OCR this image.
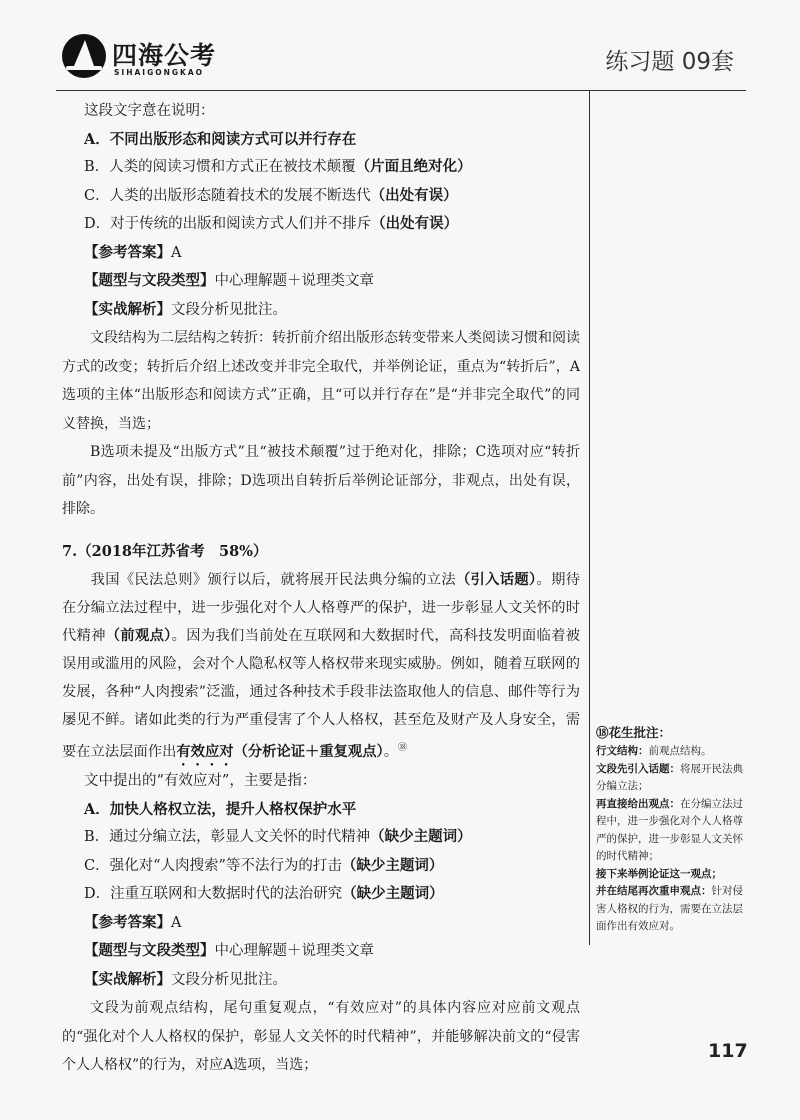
四海公考
SIHAIGONGKAO	练习题 09套
这段文字意在说明：
A．不同出版形态和阅读方式可以并行存在
B．人类的阅读习惯和方式正在被技术颠覆（片面且绝对化）
C．人类的出版形态随着技术的发展不断迭代（出处有误）
D．对于传统的出版和阅读方式人们并不排斥（出处有误）
【参考答案】A
【题型与文段类型】中心理解题＋说理类文章
【实战解析】文段分析见批注。
文段结构为二层结构之转折：转折前介绍出版形态转变带来人类阅读习惯和阅读方式的改变；转折后介绍上述改变并非完全取代，并举例论证，重点为“转折后”，A选项的主体“出版形态和阅读方式”正确，且“可以并行存在”是“并非完全取代”的同义替换，当选；
B选项未提及“出版方式”且“被技术颠覆”过于绝对化，排除；C选项对应“转折前”内容，出处有误，排除；D选项出自转折后举例论证部分，非观点，出处有误，排除。
7.（2018年江苏省考　58%）
我国《民法总则》颁行以后，就将展开民法典分编的立法（引入话题）。期待在分编立法过程中，进一步强化对个人人格尊严的保护，进一步彰显人文关怀的时代精神（前观点）。因为我们当前处在互联网和大数据时代，高科技发明面临着被误用或滥用的风险，会对个人隐私权等人格权带来现实威胁。例如，随着互联网的发展，各种“人肉搜索”泛滥，通过各种技术手段非法盗取他人的信息、邮件等行为屡见不鲜。诸如此类的行为严重侵害了个人人格权，甚至危及财产及人身安全，需要在立法层面作出有效应对（分析论证＋重复观点）。⑱
文中提出的“有效应对”，主要是指：
A．加快人格权立法，提升人格权保护水平
B．通过分编立法，彰显人文关怀的时代精神（缺少主题词）
C．强化对“人肉搜索”等不法行为的打击（缺少主题词）
D．注重互联网和大数据时代的法治研究（缺少主题词）
【参考答案】A
【题型与文段类型】中心理解题＋说理类文章
【实战解析】文段分析见批注。
文段为前观点结构，尾句重复观点，“有效应对”的具体内容应对应前文观点的“强化对个人人格权的保护，彰显人文关怀的时代精神”，并能够解决前文的“侵害个人人格权”的行为，对应A选项，当选；
⑱花生批注：
行文结构：前观点结构。
文段先引入话题：将展开民法典分编立法；
再直接给出观点：在分编立法过程中，进一步强化对个人人格尊严的保护，进一步彰显人文关怀的时代精神；
接下来举例论证这一观点；
并在结尾再次重申观点：针对侵害人格权的行为，需要在立法层面作出有效应对。
117
